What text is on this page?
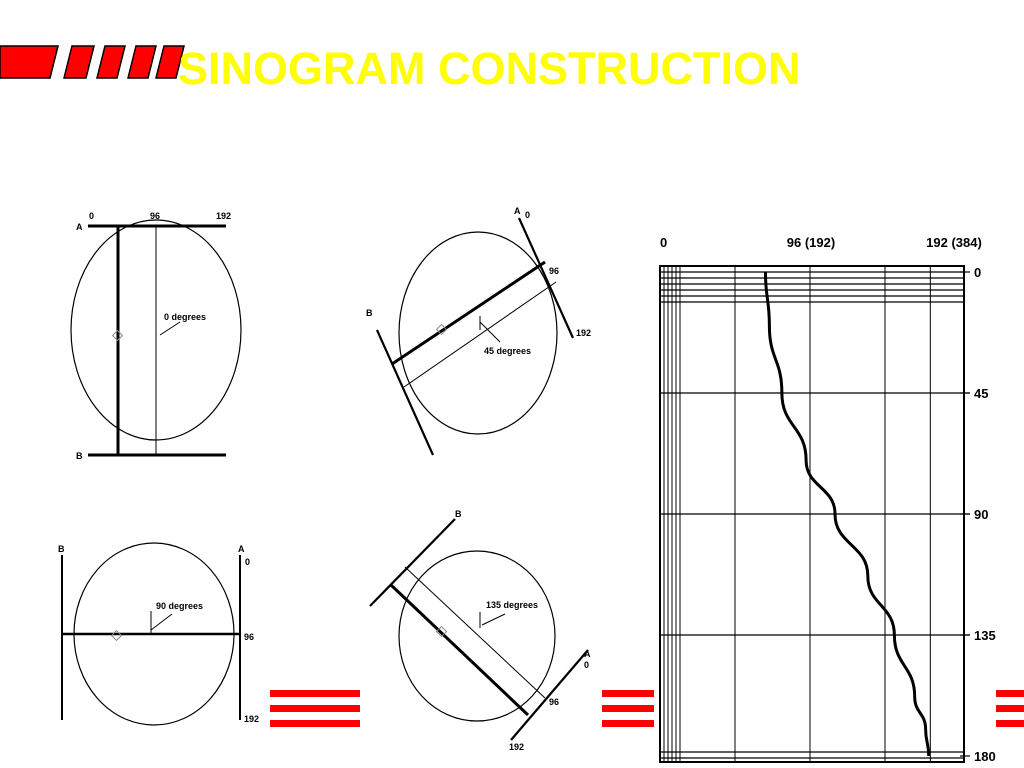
0	96	192
A
B
0 degrees
A 0
96
192
B
45 degrees
B	A
0
96
192
90 degrees
B
A
0
96
192
135 degrees
0	96 (192)	192 (384)
0
45
90
135
180
SINOGRAM CONSTRUCTION
